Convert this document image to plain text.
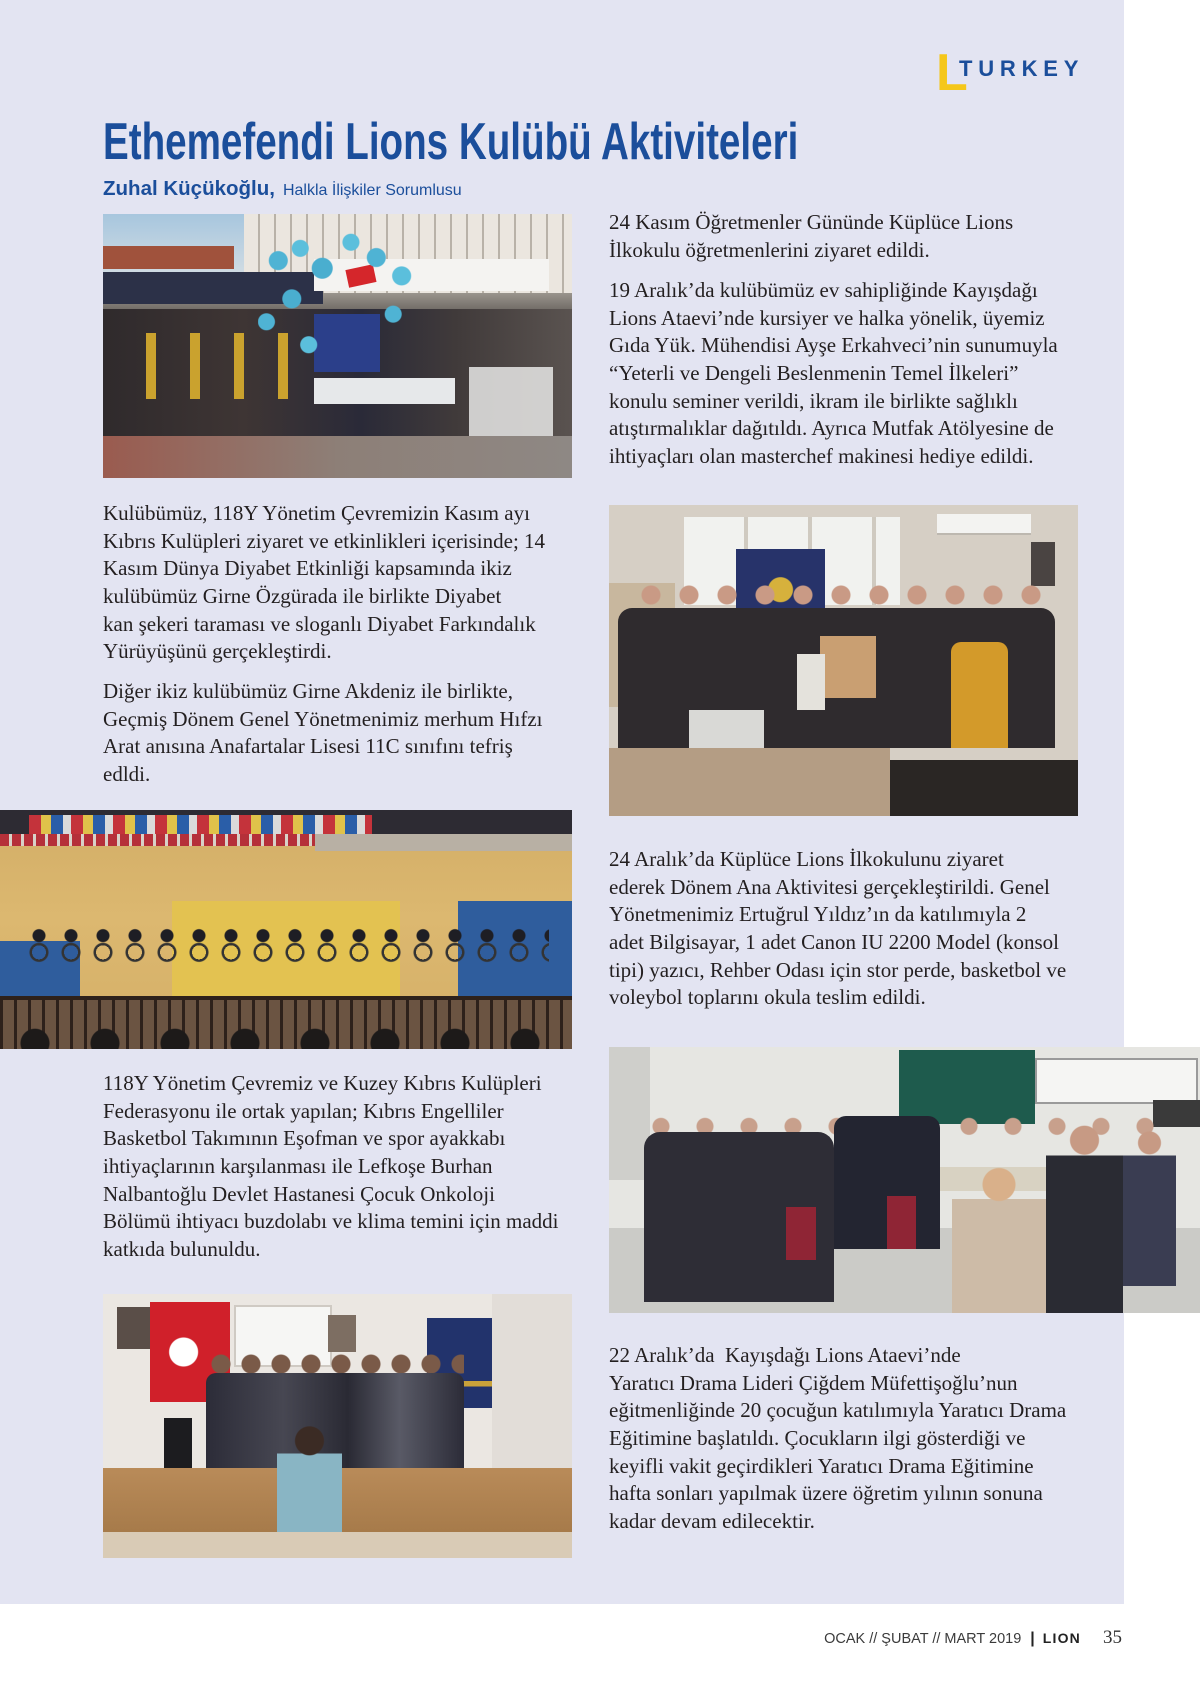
L
TURKEY
Ethemefendi Lions Kulübü Aktiviteleri
Zuhal Küçükoğlu, Halkla İlişkiler Sorumlusu
24 Kasım Öğretmenler Gününde Küplüce Lions
İlkokulu öğretmenlerini ziyaret edildi.
19 Aralık’da kulübümüz ev sahipliğinde Kayışdağı
Lions Ataevi’nde kursiyer ve halka yönelik, üyemiz
Gıda Yük. Mühendisi Ayşe Erkahveci’nin sunumuyla
“Yeterli ve Dengeli Beslenmenin Temel İlkeleri”
konulu seminer verildi, ikram ile birlikte sağlıklı
atıştırmalıklar dağıtıldı. Ayrıca Mutfak Atölyesine de
ihtiyaçları olan masterchef makinesi hediye edildi.
Kulübümüz, 118Y Yönetim Çevremizin Kasım ayı
Kıbrıs Kulüpleri ziyaret ve etkinlikleri içerisinde; 14
Kasım Dünya Diyabet Etkinliği kapsamında ikiz
kulübümüz Girne Özgürada ile birlikte Diyabet
kan şekeri taraması ve sloganlı Diyabet Farkındalık
Yürüyüşünü gerçekleştirdi.
Diğer ikiz kulübümüz Girne Akdeniz ile birlikte,
Geçmiş Dönem Genel Yönetmenimiz merhum Hıfzı
Arat anısına Anafartalar Lisesi 11C sınıfını tefriş
edldi.
24 Aralık’da Küplüce Lions İlkokulunu ziyaret
ederek Dönem Ana Aktivitesi gerçekleştirildi. Genel
Yönetmenimiz Ertuğrul Yıldız’ın da katılımıyla 2
adet Bilgisayar, 1 adet Canon IU 2200 Model (konsol
tipi) yazıcı, Rehber Odası için stor perde, basketbol ve
voleybol toplarını okula teslim edildi.
118Y Yönetim Çevremiz ve Kuzey Kıbrıs Kulüpleri
Federasyonu ile ortak yapılan; Kıbrıs Engelliler
Basketbol Takımının Eşofman ve spor ayakkabı
ihtiyaçlarının karşılanması ile Lefkoşe Burhan
Nalbantoğlu Devlet Hastanesi Çocuk Onkoloji
Bölümü ihtiyacı buzdolabı ve klima temini için maddi
katkıda bulunuldu.
22 Aralık’da  Kayışdağı Lions Ataevi’nde
Yaratıcı Drama Lideri Çiğdem Müfettişoğlu’nun
eğitmenliğinde 20 çocuğun katılımıyla Yaratıcı Drama
Eğitimine başlatıldı. Çocukların ilgi gösterdiği ve
keyifli vakit geçirdikleri Yaratıcı Drama Eğitimine
hafta sonları yapılmak üzere öğretim yılının sonuna
kadar devam edilecektir.
OCAK // ŞUBAT // MART 2019 | LION 35
